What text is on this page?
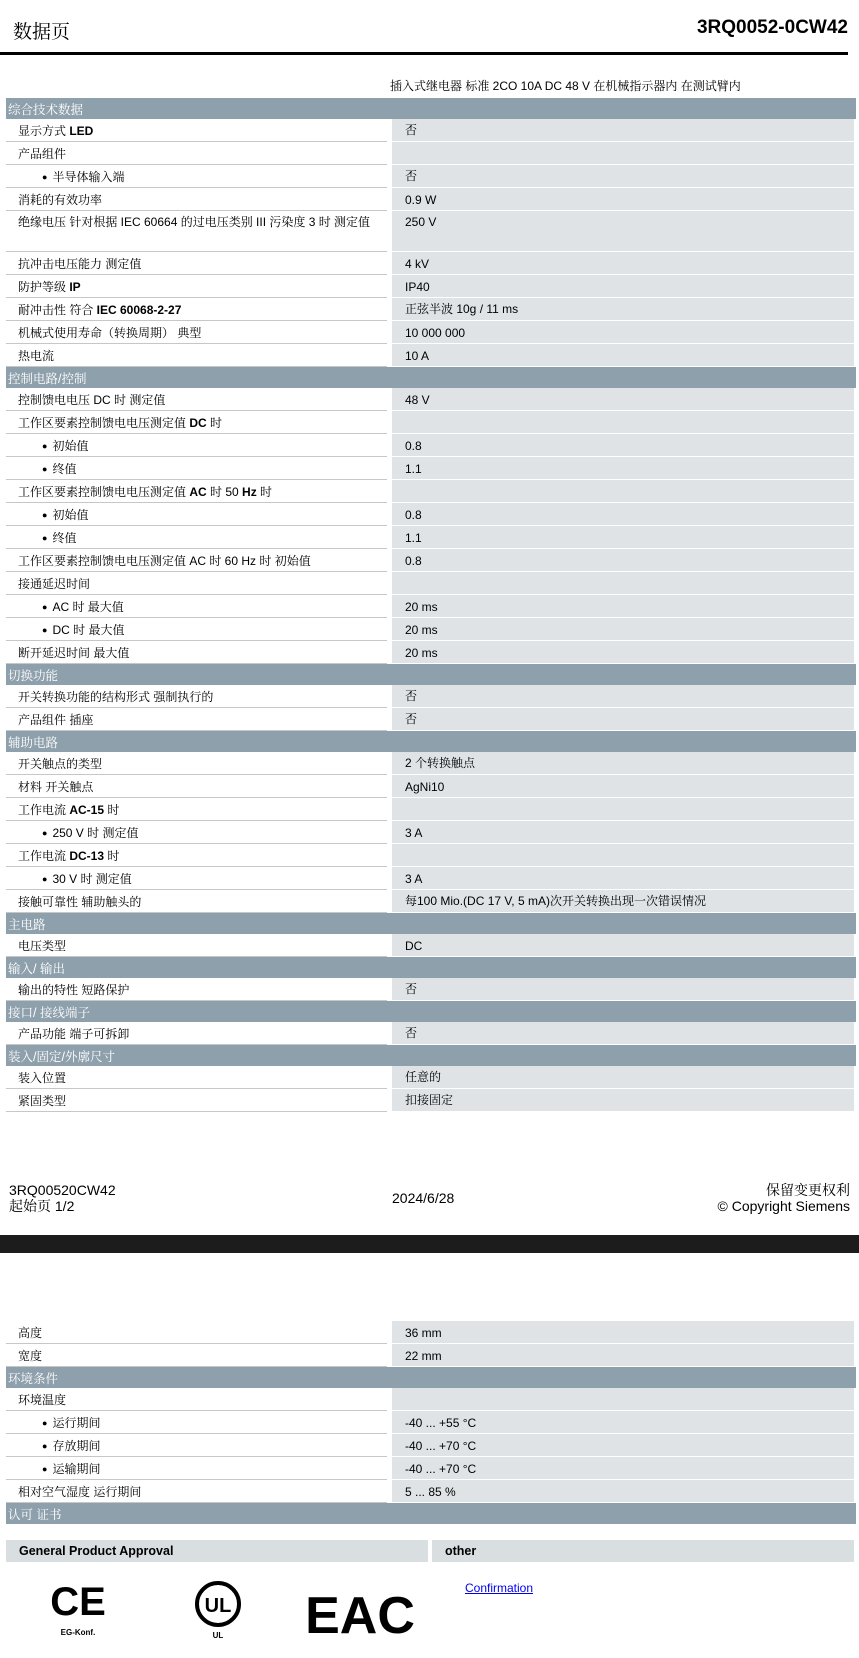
数据页	3RQ0052-0CW42
插入式继电器 标准 2CO 10A DC 48 V 在机械指示器内 在测试臂内
综合技术数据
显示方式 LED	否
产品组件
● 半导体输入端	否
消耗的有效功率	0.9 W
绝缘电压 针对根据 IEC 60664 的过电压类别 III 污染度 3 时 测定值	250 V
抗冲击电压能力 测定值	4 kV
防护等级 IP	IP40
耐冲击性 符合 IEC 60068-2-27	正弦半波 10g / 11 ms
机械式使用寿命（转换周期） 典型	10 000 000
热电流	10 A
控制电路/控制
控制馈电电压 DC 时 测定值	48 V
工作区要素控制馈电电压测定值 DC 时
● 初始值	0.8
● 终值	1.1
工作区要素控制馈电电压测定值 AC 时 50 Hz 时
● 初始值	0.8
● 终值	1.1
工作区要素控制馈电电压测定值 AC 时 60 Hz 时 初始值	0.8
接通延迟时间
● AC 时 最大值	20 ms
● DC 时 最大值	20 ms
断开延迟时间 最大值	20 ms
切换功能
开关转换功能的结构形式 强制执行的	否
产品组件 插座	否
辅助电路
开关触点的类型	2 个转换触点
材料 开关触点	AgNi10
工作电流 AC-15 时
● 250 V 时 测定值	3 A
工作电流 DC-13 时
● 30 V 时 测定值	3 A
接触可靠性 辅助触头的	每100 Mio.(DC 17 V, 5 mA)次开关转换出现一次错误情况
主电路
电压类型	DC
输入/ 输出
输出的特性 短路保护	否
接口/ 接线端子
产品功能 端子可拆卸	否
装入/固定/外廓尺寸
装入位置	任意的
紧固类型	扣接固定
3RQ00520CW42
起始页 1/2	2024/6/28	保留变更权利
© Copyright Siemens
高度	36 mm
宽度	22 mm
环境条件
环境温度
● 运行期间	-40 ... +55 °C
● 存放期间	-40 ... +70 °C
● 运输期间	-40 ... +70 °C
相对空气湿度 运行期间	5 ... 85 %
认可 证书
General Product Approval	other
Confirmation
CE
EG-Konf.
UL
UL EAC
